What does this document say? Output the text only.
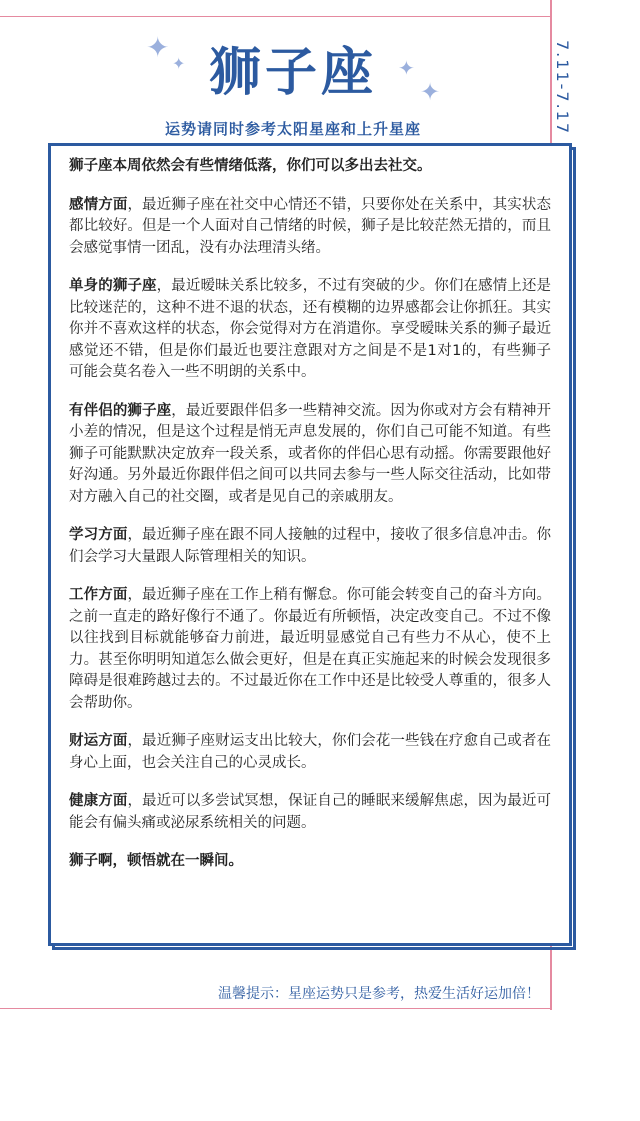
✦ ✦	✦
✦
狮子座	7.11-7.17
运势请同时参考太阳星座和上升星座

狮子座本周依然会有些情绪低落，你们可以多出去社交。

感情方面，最近狮子座在社交中心情还不错，只要你处在关系中，其实状态都比较好。但是一个人面对自己情绪的时候，狮子是比较茫然无措的，而且会感觉事情一团乱，没有办法理清头绪。

单身的狮子座，最近暧昧关系比较多，不过有突破的少。你们在感情上还是比较迷茫的，这种不进不退的状态，还有模糊的边界感都会让你抓狂。其实你并不喜欢这样的状态，你会觉得对方在消遣你。享受暧昧关系的狮子最近感觉还不错，但是你们最近也要注意跟对方之间是不是1对1的，有些狮子可能会莫名卷入一些不明朗的关系中。

有伴侣的狮子座，最近要跟伴侣多一些精神交流。因为你或对方会有精神开小差的情况，但是这个过程是悄无声息发展的，你们自己可能不知道。有些狮子可能默默决定放弃一段关系，或者你的伴侣心思有动摇。你需要跟他好好沟通。另外最近你跟伴侣之间可以共同去参与一些人际交往活动，比如带对方融入自己的社交圈，或者是见自己的亲戚朋友。

学习方面，最近狮子座在跟不同人接触的过程中，接收了很多信息冲击。你们会学习大量跟人际管理相关的知识。

工作方面，最近狮子座在工作上稍有懈怠。你可能会转变自己的奋斗方向。之前一直走的路好像行不通了。你最近有所顿悟，决定改变自己。不过不像以往找到目标就能够奋力前进，最近明显感觉自己有些力不从心，使不上力。甚至你明明知道怎么做会更好，但是在真正实施起来的时候会发现很多障碍是很难跨越过去的。不过最近你在工作中还是比较受人尊重的，很多人会帮助你。

财运方面，最近狮子座财运支出比较大，你们会花一些钱在疗愈自己或者在身心上面，也会关注自己的心灵成长。

健康方面，最近可以多尝试冥想，保证自己的睡眠来缓解焦虑，因为最近可能会有偏头痛或泌尿系统相关的问题。

狮子啊，顿悟就在一瞬间。

温馨提示：星座运势只是参考，热爱生活好运加倍！
